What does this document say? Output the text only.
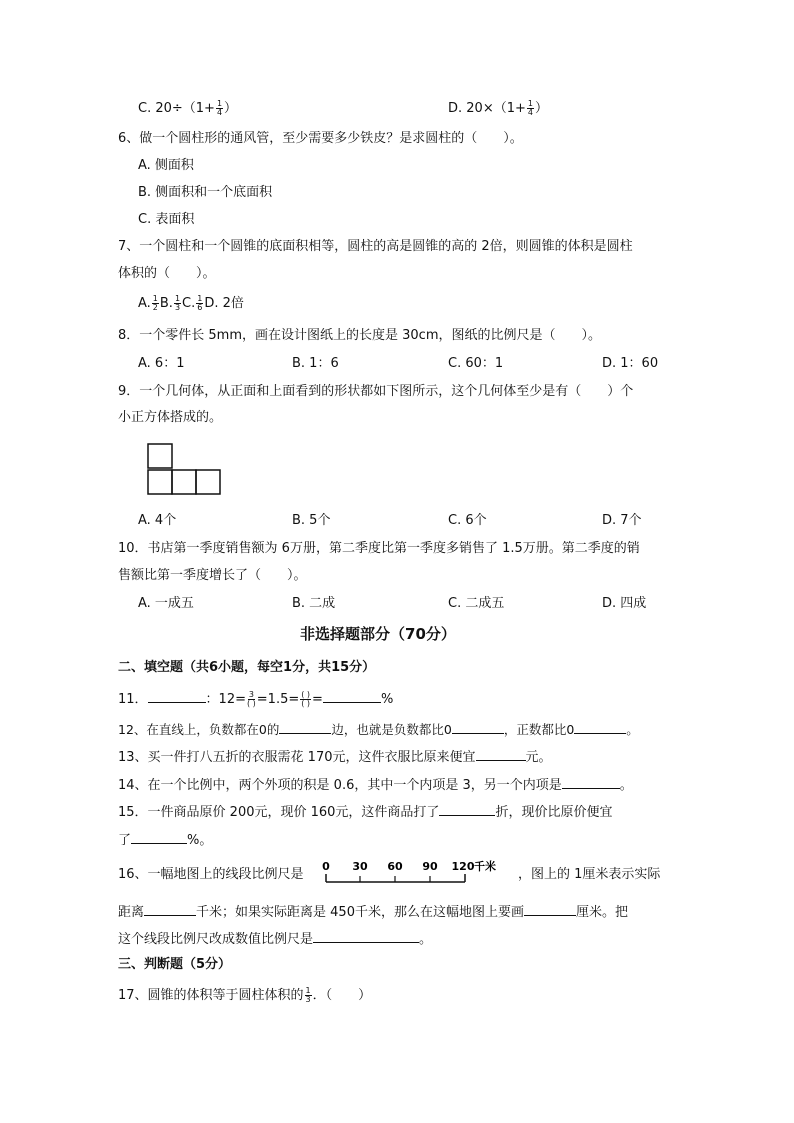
C. $20\div(1+ \frac{1}{4}$ ）	D. $20\times(1+ \frac{1}{4}$ ）
6、做一个圆柱形的通风管，至少需要多少铁皮？是求圆柱的（　　）。
A. 侧面积
B. 侧面积和一个底面积
C. 表面积
7、一个圆柱和一个圆锥的底面积相等，圆柱的高是圆锥的高的 2倍，则圆锥的体积是圆柱
体积的（　　）。
A. $\frac{1}{2} B$. $\frac{1}{3} C$. $\frac{1}{6} D$. 2倍
8．一个零件长 5mm，画在设计图纸上的长度是 30cm，图纸的比例尺是（　　）。
A. 6：1	B. 1：6	C. 60：1	D. 1：60
9．一个几何体，从正面和上面看到的形状都如下图所示，这个几何体至少是有（　　）个
小正方体搭成的。
A. 4个	B. 5个	C. 6个	D. 7个
10．书店第一季度销售额为 6万册，第二季度比第一季度多销售了 1.5万册。第二季度的销
售额比第一季度增长了（　　）。
A. 一成五	B. 二成	C. 二成五	D. 四成
非选择题部分（70分）
二、填空题（共6小题，每空1分，共15分）
11．	：$12= \frac{3}{( )} =1.5= \frac{( )}{( )}$ =	%
12、在直线上，负数都在0的	边，也就是负数都比0	，正数都比0	。
13、买一件打八五折的衣服需花 170元，这件衣服比原来便宜	元。
14、在一个比例中，两个外项的积是 0.6，其中一个内项是 3，另一个内项是	。
15．一件商品原价 200元，现价 160元，这件商品打了	折，现价比原价便宜
了	%。
16、一幅地图上的线段比例尺是
0 30 60 90 120 千米
，图上的 1厘米表示实际
距离	千米；如果实际距离是 450千米，那么在这幅地图上要画	厘米。把
这个线段比例尺改成数值比例尺是	。
三、判断题（5分）
17、圆锥的体积等于圆柱体积的 $\frac{1}{3}$ ．（　　）
